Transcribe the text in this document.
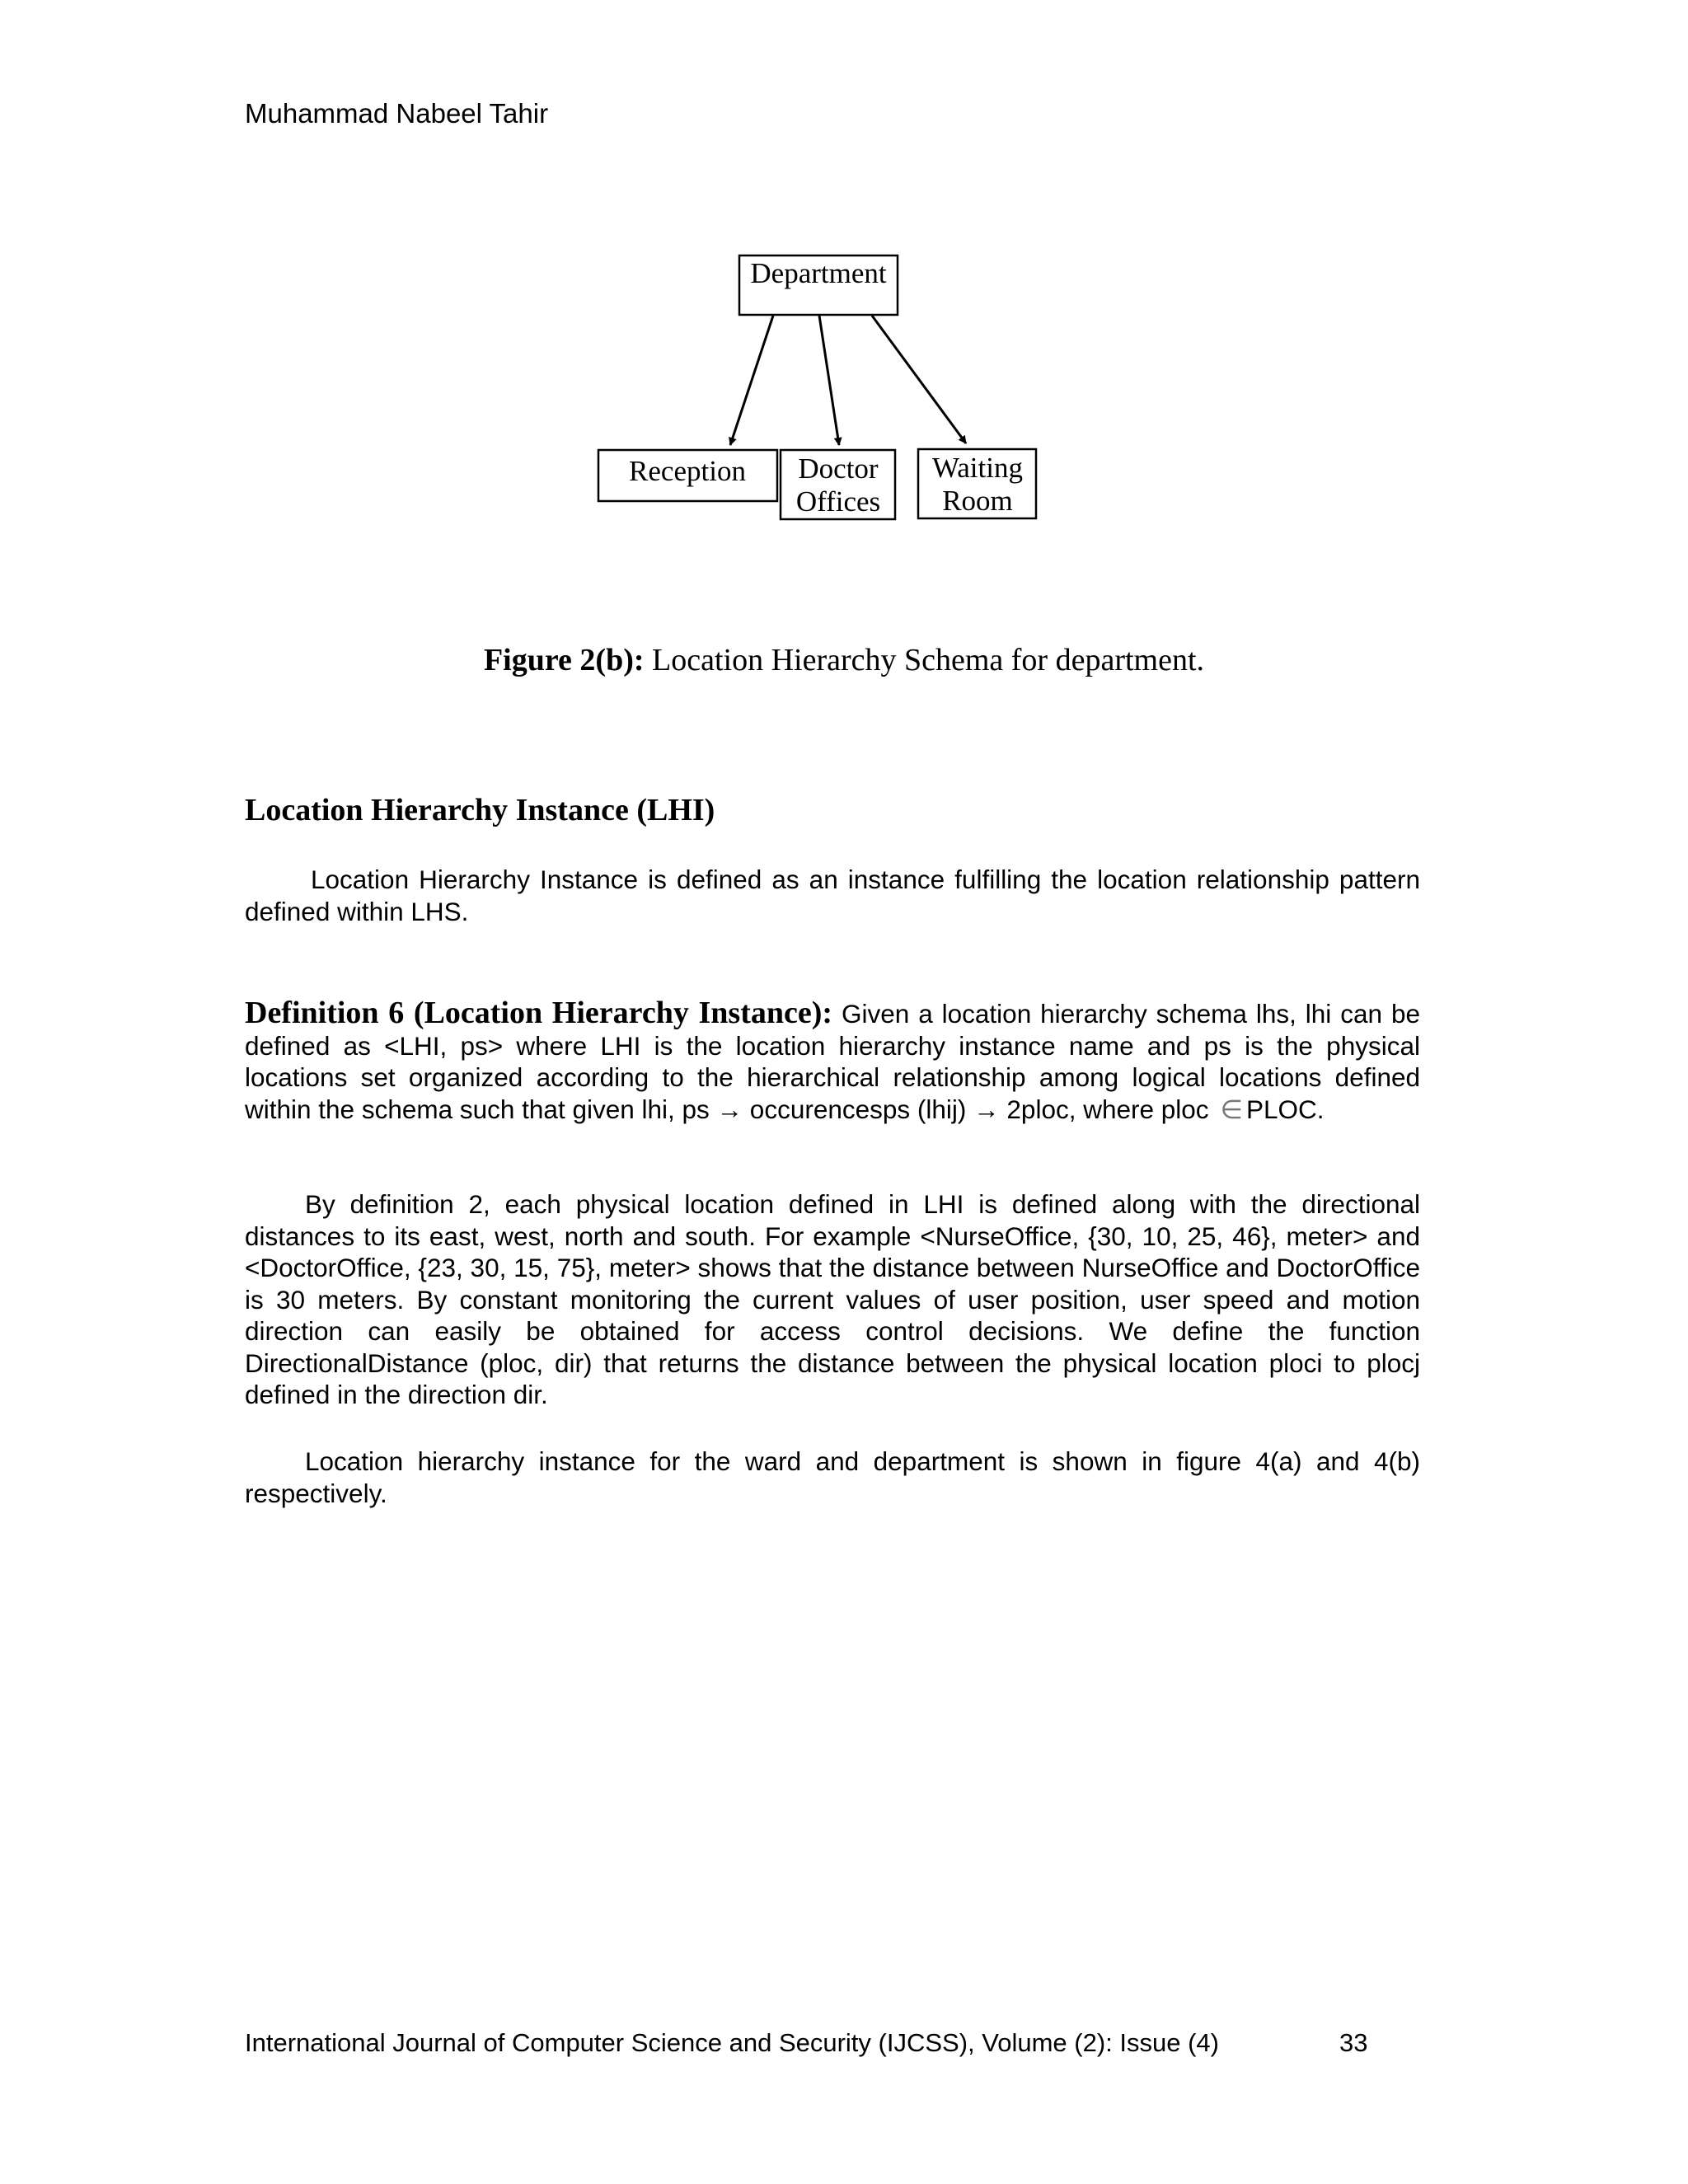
Muhammad Nabeel Tahir
Department
Reception Doctor
Offices
Waiting
Room
Figure 2(b): Location Hierarchy Schema for department.
Location Hierarchy Instance (LHI)

Location Hierarchy Instance is defined as an instance fulfilling the location relationship pattern defined within LHS.

Definition 6 (Location Hierarchy Instance): Given a location hierarchy schema lhs, lhi can be defined as <LHI, ps> where LHI is the location hierarchy instance name and ps is the physical locations set organized according to the hierarchical relationship among logical locations defined within the schema such that given lhi, ps → occurencesps (lhij) → 2ploc, where ploc ∈ PLOC.

By definition 2, each physical location defined in LHI is defined along with the directional distances to its east, west, north and south. For example <NurseOffice, {30, 10, 25, 46}, meter> and <DoctorOffice, {23, 30, 15, 75}, meter> shows that the distance between NurseOffice and DoctorOffice is 30 meters. By constant monitoring the current values of user position, user speed and motion direction can easily be obtained for access control decisions. We define the function DirectionalDistance (ploc, dir) that returns the distance between the physical location ploci to plocj defined in the direction dir.

Location hierarchy instance for the ward and department is shown in figure 4(a) and 4(b) respectively.

International Journal of Computer Science and Security (IJCSS), Volume (2): Issue (4)	33
